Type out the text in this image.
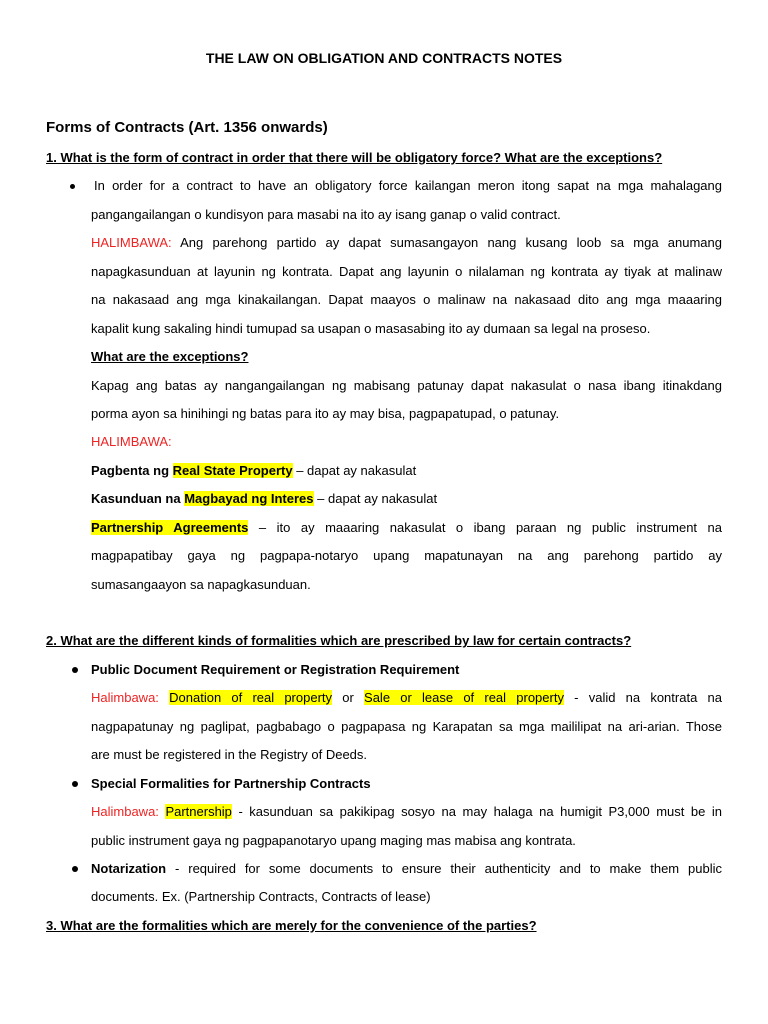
THE LAW ON OBLIGATION AND CONTRACTS NOTES
Forms of Contracts (Art. 1356 onwards)
1. What is the form of contract in order that there will be obligatory force? What are the exceptions?
In order for a contract to have an obligatory force kailangan meron itong sapat na mga mahalagang
pangangailangan o kundisyon para masabi na ito ay isang ganap o valid contract.
HALIMBAWA: Ang parehong partido ay dapat sumasangayon nang kusang loob sa mga anumang
napagkasunduan at layunin ng kontrata. Dapat ang layunin o nilalaman ng kontrata ay tiyak at malinaw
na nakasaad ang mga kinakailangan. Dapat maayos o malinaw na nakasaad dito ang mga maaaring
kapalit kung sakaling hindi tumupad sa usapan o masasabing ito ay dumaan sa legal na proseso.
What are the exceptions?
Kapag ang batas ay nangangailangan ng mabisang patunay dapat nakasulat o nasa ibang itinakdang
porma ayon sa hinihingi ng batas para ito ay may bisa, pagpapatupad, o patunay.
HALIMBAWA:
Pagbenta ng Real State Property – dapat ay nakasulat
Kasunduan na Magbayad ng Interes – dapat ay nakasulat
Partnership Agreements – ito ay maaaring nakasulat o ibang paraan ng public instrument na
magpapatibay gaya ng pagpapa-notaryo upang mapatunayan na ang parehong partido ay
sumasangaayon sa napagkasunduan.
2. What are the different kinds of formalities which are prescribed by law for certain contracts?
Public Document Requirement or Registration Requirement
Halimbawa: Donation of real property or Sale or lease of real property - valid na kontrata na
nagpapatunay ng paglipat, pagbabago o pagpapasa ng Karapatan sa mga maililipat na ari-arian. Those
are must be registered in the Registry of Deeds.
Special Formalities for Partnership Contracts
Halimbawa: Partnership - kasunduan sa pakikipag sosyo na may halaga na humigit P3,000 must be in
public instrument gaya ng pagpapanotaryo upang maging mas mabisa ang kontrata.
Notarization - required for some documents to ensure their authenticity and to make them public
documents. Ex. (Partnership Contracts, Contracts of lease)
3. What are the formalities which are merely for the convenience of the parties?
